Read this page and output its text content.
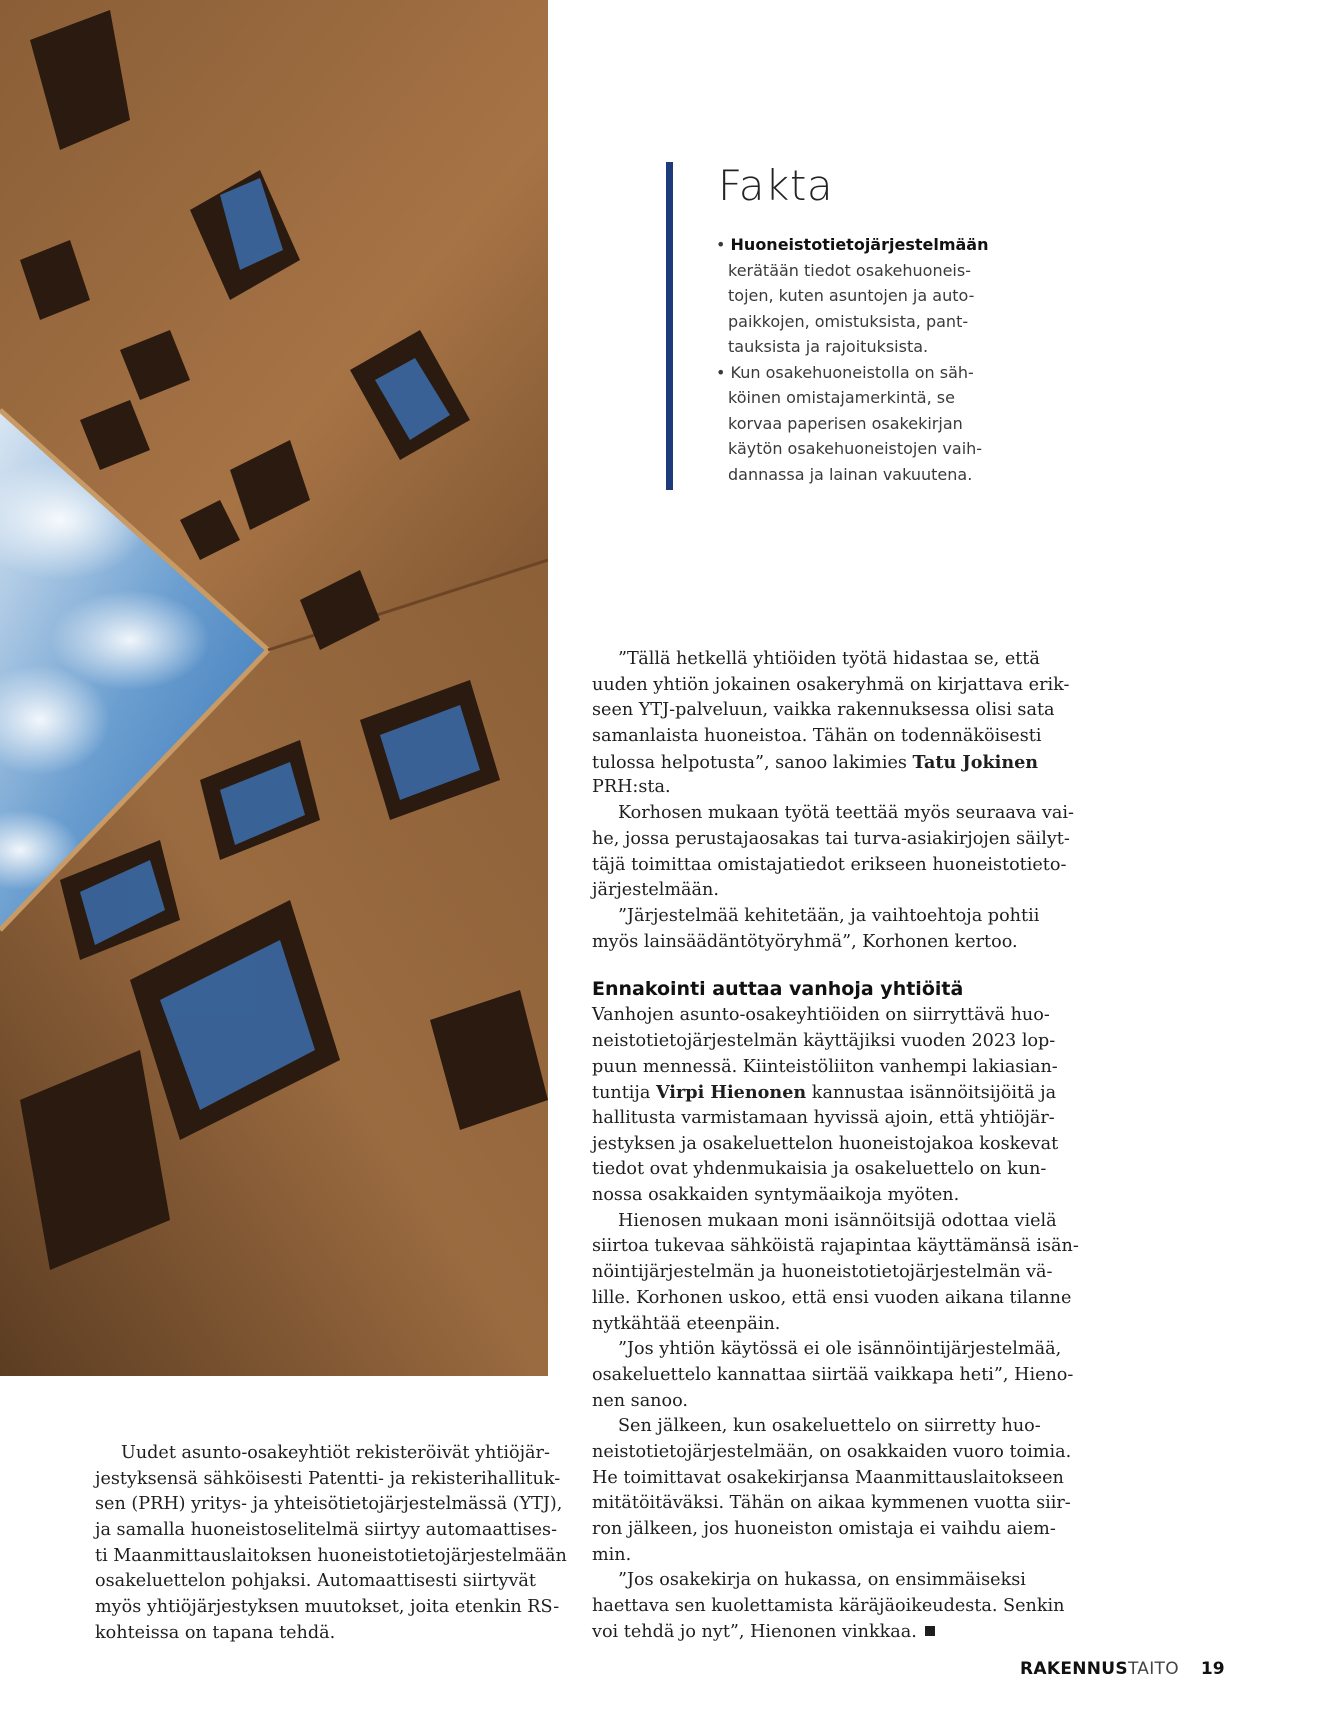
Fakta
• Huoneistotietojärjestelmään
kerätään tiedot osakehuoneis-
tojen, kuten asuntojen ja auto-
paikkojen, omistuksista, pant-
tauksista ja rajoituksista.
• Kun osakehuoneistolla on säh-
köinen omistajamerkintä, se
korvaa paperisen osakekirjan
käytön osakehuoneistojen vaih-
dannassa ja lainan vakuutena.
Uudet asunto-osakeyhtiöt rekisteröivät yhtiöjär-
jestyksensä sähköisesti Patentti- ja rekisterihallituk-
sen (PRH) yritys- ja yhteisötietojärjestelmässä (YTJ),
ja samalla huoneistoselitelmä siirtyy automaattises-
ti Maanmittauslaitoksen huoneistotietojärjestelmään
osakeluettelon pohjaksi. Automaattisesti siirtyvät
myös yhtiöjärjestyksen muutokset, joita etenkin RS-
kohteissa on tapana tehdä.
”Tällä hetkellä yhtiöiden työtä hidastaa se, että
uuden yhtiön jokainen osakeryhmä on kirjattava erik-
seen YTJ-palveluun, vaikka rakennuksessa olisi sata
samanlaista huoneistoa. Tähän on todennäköisesti
tulossa helpotusta”, sanoo lakimies Tatu Jokinen
PRH:sta.
Korhosen mukaan työtä teettää myös seuraava vai-
he, jossa perustajaosakas tai turva-asiakirjojen säilyt-
täjä toimittaa omistajatiedot erikseen huoneistotieto-
järjestelmään.
”Järjestelmää kehitetään, ja vaihtoehtoja pohtii
myös lainsäädäntötyöryhmä”, Korhonen kertoo.
Ennakointi auttaa vanhoja yhtiöitä
Vanhojen asunto-osakeyhtiöiden on siirryttävä huo-
neistotietojärjestelmän käyttäjiksi vuoden 2023 lop-
puun mennessä. Kiinteistöliiton vanhempi lakiasian-
tuntija Virpi Hienonen kannustaa isännöitsijöitä ja
hallitusta varmistamaan hyvissä ajoin, että yhtiöjär-
jestyksen ja osakeluettelon huoneistojakoa koskevat
tiedot ovat yhdenmukaisia ja osakeluettelo on kun-
nossa osakkaiden syntymäaikoja myöten.
Hienosen mukaan moni isännöitsijä odottaa vielä
siirtoa tukevaa sähköistä rajapintaa käyttämänsä isän-
nöintijärjestelmän ja huoneistotietojärjestelmän vä-
lille. Korhonen uskoo, että ensi vuoden aikana tilanne
nytkähtää eteenpäin.
”Jos yhtiön käytössä ei ole isännöintijärjestelmää,
osakeluettelo kannattaa siirtää vaikkapa heti”, Hieno-
nen sanoo.
Sen jälkeen, kun osakeluettelo on siirretty huo-
neistotietojärjestelmään, on osakkaiden vuoro toimia.
He toimittavat osakekirjansa Maanmittauslaitokseen
mitätöitäväksi. Tähän on aikaa kymmenen vuotta siir-
ron jälkeen, jos huoneiston omistaja ei vaihdu aiem-
min.
”Jos osakekirja on hukassa, on ensimmäiseksi
haettava sen kuolettamista käräjäoikeudesta. Senkin
voi tehdä jo nyt”, Hienonen vinkkaa.
RAKENNUSTAITO 19
